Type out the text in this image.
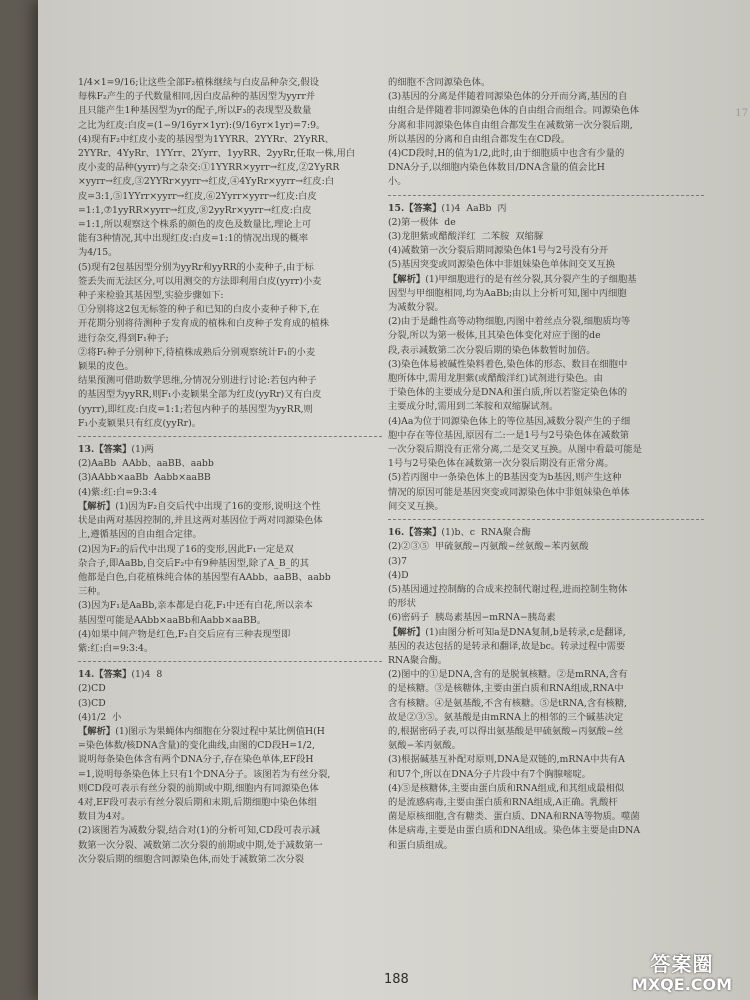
17

1/4×1=9/16;让这些全部F₂植株继续与白皮品种杂交,假设

每株F₂产生的子代数量相同,因白皮品种的基因型为yyrr并

且只能产生1种基因型为yr的配子,所以F₃的表现型及数量

之比为红皮:白皮=(1−9/16yr×1yr):(9/16yr×1yr)=7:9。

(4)现有F₂中红皮小麦的基因型为1YYRR、2YYRr、2YyRR、

2YYRr、4YyRr、1YYrr、2Yyrr、1yyRR、2yyRr,任取一株,用白

皮小麦的品种(yyrr)与之杂交:①1YYRR×yyrr→红皮,②2YyRR

×yyrr→红皮,③2YYRr×yyrr→红皮,④4YyRr×yyrr→红皮:白

皮=3:1,⑤1YYrr×yyrr→红皮,⑥2Yyrr×yyrr→红皮:白皮

=1:1,⑦1yyRR×yyrr→红皮,⑧2yyRr×yyrr→红皮:白皮

=1:1,所以观察这个株系的颜色的皮色及数量比,理论上可

能有3种情况,其中出现红皮:白皮=1:1的情况出现的概率

为4/15。

(5)现有2包基因型分别为yyRr和yyRR的小麦种子,由于标

签丢失而无法区分,可以用测交的方法即利用白皮(yyrr)小麦

种子来检验其基因型,实验步骤如下:

①分别将这2包无标签的种子和已知的白皮小麦种子种下,在

开花期分别将待测种子发育成的植株和白皮种子发育成的植株

进行杂交,得到F₁种子;

②将F₁种子分别种下,待植株成熟后分别观察统计F₁的小麦

颖果的皮色。

结果预测可借助数学思维,分情况分别进行讨论:若包内种子

的基因型为yyRR,则F₁小麦颖果全部为红皮(yyRr)又有白皮

(yyrr),即红皮:白皮=1:1;若包内种子的基因型为yyRR,则

F₁小麦颖果只有红皮(yyRr)。

13.【答案】(1)两

(2)AaBb  AAbb、aaBB、aabb

(3)AAbb×aaBb  Aabb×aaBB

(4)紫:红:白=9:3:4

【解析】(1)因为F₂自交后代中出现了16的变形,说明这个性

状是由两对基因控制的,并且这两对基因位于两对同源染色体

上,遵循基因的自由组合定律。

(2)因为F₂的后代中出现了16的变形,因此F₁一定是双

杂合子,即AaBb,自交后F₂中有9种基因型,除了A_B_的其

他都是白色,白花植株纯合体的基因型有AAbb、aaBB、aabb

三种。

(3)因为F₁是AaBb,亲本都是白花,F₁中还有白花,所以亲本

基因型可能是AAbb×aaBb和Aabb×aaBB。

(4)如果中间产物是红色,F₂自交后应有三种表现型即

紫:红:白=9:3:4。

14.【答案】(1)4  8

(2)CD

(3)CD

(4)1/2  小

【解析】(1)图示为果蝇体内细胞在分裂过程中某比例值H(H

=染色体数/核DNA含量)的变化曲线,由图的CD段H=1/2,

说明每条染色体含有两个DNA分子,存在染色单体,EF段H

=1,说明每条染色体上只有1个DNA分子。该图若为有丝分裂,

则CD段可表示有丝分裂的前期或中期,细胞内有同源染色体

4对,EF段可表示有丝分裂后期和末期,后期细胞中染色体组

数目为4对。

(2)该图若为减数分裂,结合对(1)的分析可知,CD段可表示减

数第一次分裂、减数第二次分裂的前期或中期,处于减数第一

次分裂后期的细胞含同源染色体,而处于减数第二次分裂

的细胞不含同源染色体。

(3)基因的分离是伴随着同源染色体的分开而分离,基因的自

由组合是伴随着非同源染色体的自由组合而组合。同源染色体

分离和非同源染色体自由组合都发生在减数第一次分裂后期,

所以基因的分离和自由组合都发生在CD段。

(4)CD段时,H的值为1/2,此时,由于细胞质中也含有少量的

DNA分子,以细胞内染色体数目/DNA含量的值会比H

小。

15.【答案】(1)4  AaBb  丙

(2)第一极体  de

(3)龙胆紫或醋酸洋红  二苯胺  双缩脲

(4)减数第一次分裂后期同源染色体1号与2号没有分开

(5)基因突变或同源染色体中非姐妹染色单体间交叉互换

【解析】(1)甲细胞进行的是有丝分裂,其分裂产生的子细胞基

因型与甲细胞相同,均为AaBb;由以上分析可知,图中丙细胞

为减数分裂。

(2)由于是雌性高等动物细胞,丙图中着丝点分裂,细胞质均等

分裂,所以为第一极体,且其染色体变化对应于图的de

段,表示减数第二次分裂后期的染色体数暂时加倍。

(3)染色体易被碱性染料着色,染色体的形态、数目在细胞中

胞所体中,需用龙胆紫(或醋酸洋红)试剂进行染色。由

于染色体的主要成分是DNA和蛋白质,所以若鉴定染色体的

主要成分时,需用到二苯胺和双缩脲试剂。

(4)Aa为位于同源染色体上的等位基因,减数分裂产生的子细

胞中存在等位基因,原因有二:一是1号与2号染色体在减数第

一次分裂后期没有正常分离,二是交叉互换。从图中看最可能是

1号与2号染色体在减数第一次分裂后期没有正常分离。

(5)若丙图中一条染色体上的B基因变为b基因,则产生这种

情况的原因可能是基因突变或同源染色体中非姐妹染色单体

间交叉互换。

16.【答案】(1)b、c  RNA聚合酶

(2)②③⑤  甲硫氨酸−丙氨酸−丝氨酸−苯丙氨酸

(3)7

(4)D

(5)基因通过控制酶的合成来控制代谢过程,进而控制生物体

的形状

(6)密码子  胰岛素基因−mRNA−胰岛素

【解析】(1)由图分析可知a是DNA复制,b是转录,c是翻译,

基因的表达包括的是转录和翻译,故是bc。转录过程中需要

RNA聚合酶。

(2)图中的①是DNA,含有的是脱氧核糖。②是mRNA,含有

的是核糖。③是核糖体,主要由蛋白质和RNA组成,RNA中

含有核糖。④是氨基酸,不含有核糖。⑤是tRNA,含有核糖,

故是②③⑤。氨基酸是由mRNA上的相邻的三个碱基决定

的,根据密码子表,可以得出氨基酸是甲硫氨酸−丙氨酸−丝

氨酸−苯丙氨酸。

(3)根据碱基互补配对原则,DNA是双链的,mRNA中共有A

和U7个,所以在DNA分子片段中有7个胸腺嘧啶。

(4)⑤是核糖体,主要由蛋白质和RNA组成,和其组成最相似

的是流感病毒,主要由蛋白质和RNA组成,A正确。乳酸杆

菌是原核细胞,含有糖类、蛋白质、DNA和RNA等物质。噬菌

体是病毒,主要是由蛋白质和DNA组成。染色体主要是由DNA

和蛋白质组成。

188
答案圈
MXQE.COM
